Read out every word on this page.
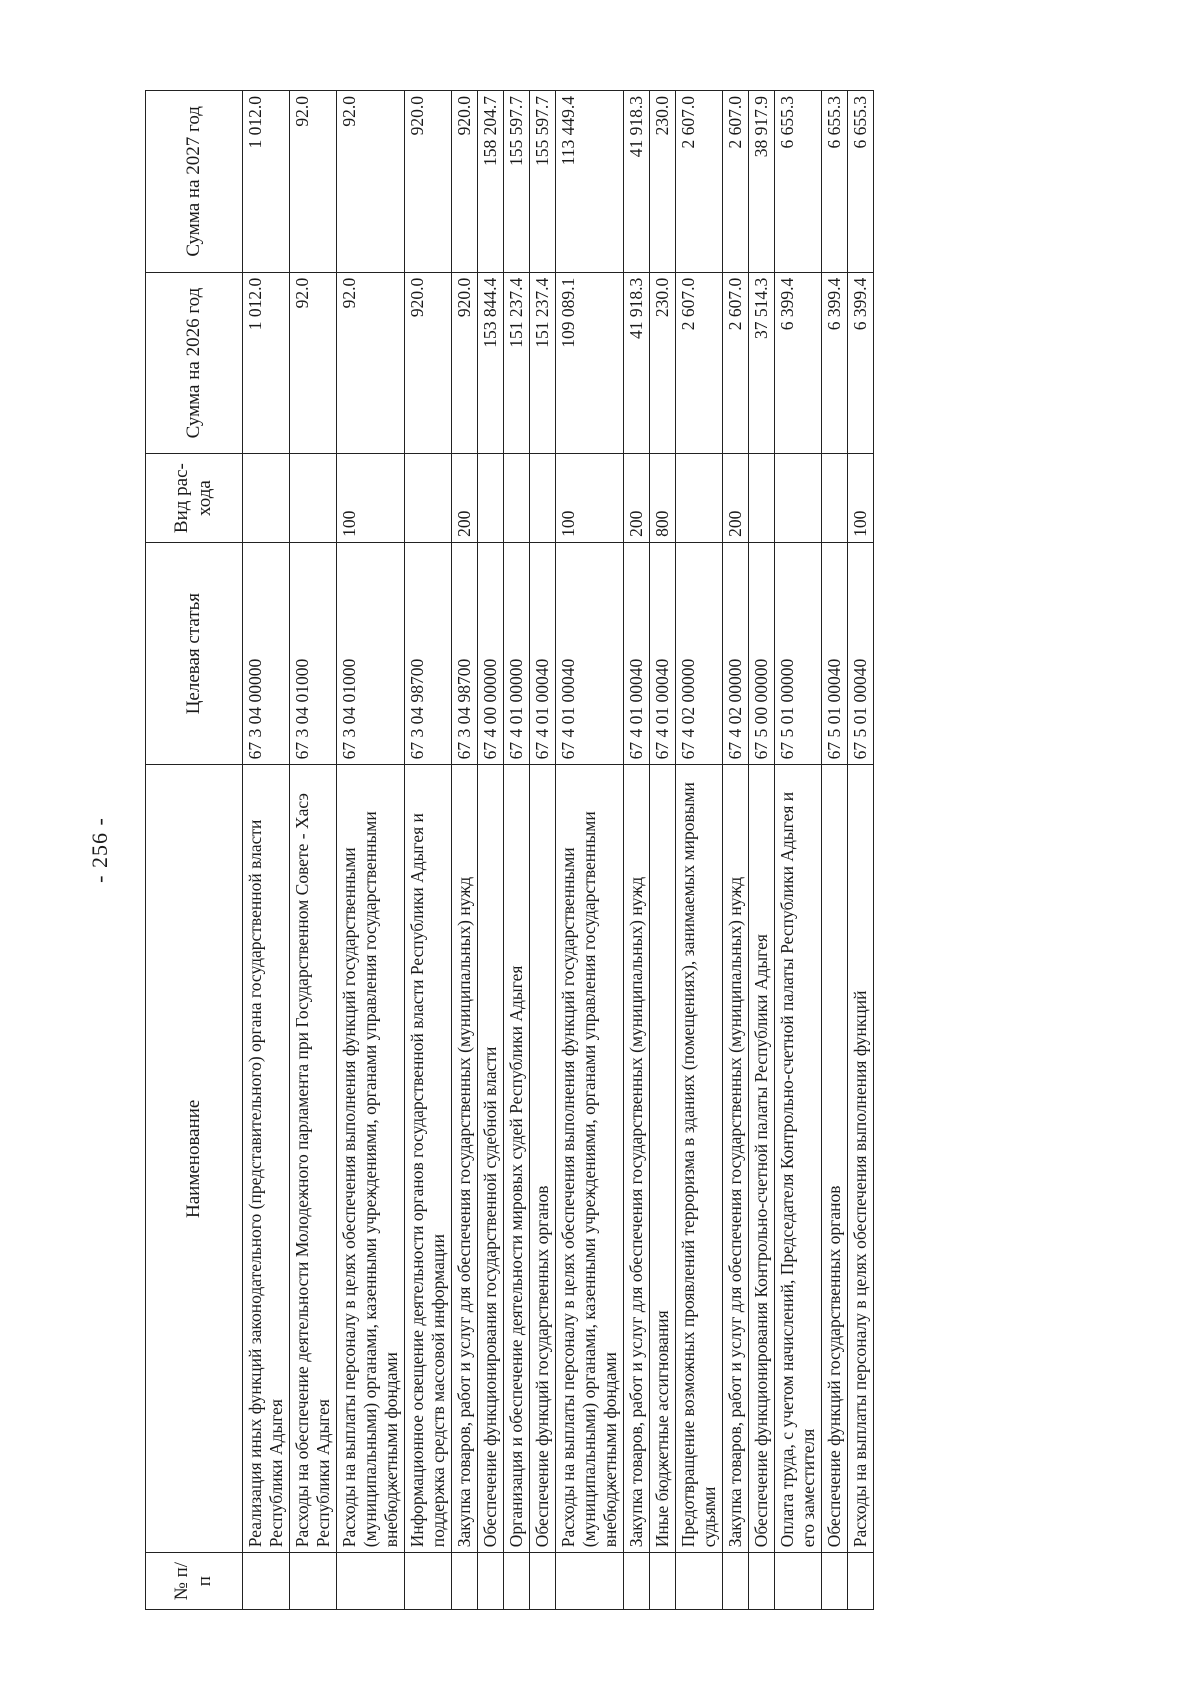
- 256 -
№ п/п	Наименование	Целевая статья	Вид рас-хода	Сумма на 2026 год	Сумма на 2027 год
	Реализация иных функций законодательного (представительного) органа государственной власти Республики Адыгея	67 3 04 00000		1 012.0	1 012.0
	Расходы на обеспечение деятельности Молодежного парламента при Государственном Совете - Хасэ Республики Адыгея	67 3 04 01000		92.0	92.0
	Расходы на выплаты персоналу в целях обеспечения выполнения функций государственными (муниципальными) органами, казенными учреждениями, органами управления государственными внебюджетными фондами	67 3 04 01000	100	92.0	92.0
	Информационное освещение деятельности органов государственной власти Республики Адыгея и поддержка средств массовой информации	67 3 04 98700		920.0	920.0
	Закупка товаров, работ и услуг для обеспечения государственных (муниципальных) нужд	67 3 04 98700	200	920.0	920.0
	Обеспечение функционирования государственной судебной власти	67 4 00 00000		153 844.4	158 204.7
	Организация и обеспечение деятельности мировых судей Республики Адыгея	67 4 01 00000		151 237.4	155 597.7
	Обеспечение функций государственных органов	67 4 01 00040		151 237.4	155 597.7
	Расходы на выплаты персоналу в целях обеспечения выполнения функций государственными (муниципальными) органами, казенными учреждениями, органами управления государственными внебюджетными фондами	67 4 01 00040	100	109 089.1	113 449.4
	Закупка товаров, работ и услуг для обеспечения государственных (муниципальных) нужд	67 4 01 00040	200	41 918.3	41 918.3
	Иные бюджетные ассигнования	67 4 01 00040	800	230.0	230.0
	Предотвращение возможных проявлений терроризма в зданиях (помещениях), занимаемых мировыми судьями	67 4 02 00000		2 607.0	2 607.0
	Закупка товаров, работ и услуг для обеспечения государственных (муниципальных) нужд	67 4 02 00000	200	2 607.0	2 607.0
	Обеспечение функционирования Контрольно-счетной палаты Республики Адыгея	67 5 00 00000		37 514.3	38 917.9
	Оплата труда, с учетом начислений, Председателя Контрольно-счетной палаты Республики Адыгея и его заместителя	67 5 01 00000		6 399.4	6 655.3
	Обеспечение функций государственных органов	67 5 01 00040		6 399.4	6 655.3
	Расходы на выплаты персоналу в целях обеспечения выполнения функций	67 5 01 00040	100	6 399.4	6 655.3
